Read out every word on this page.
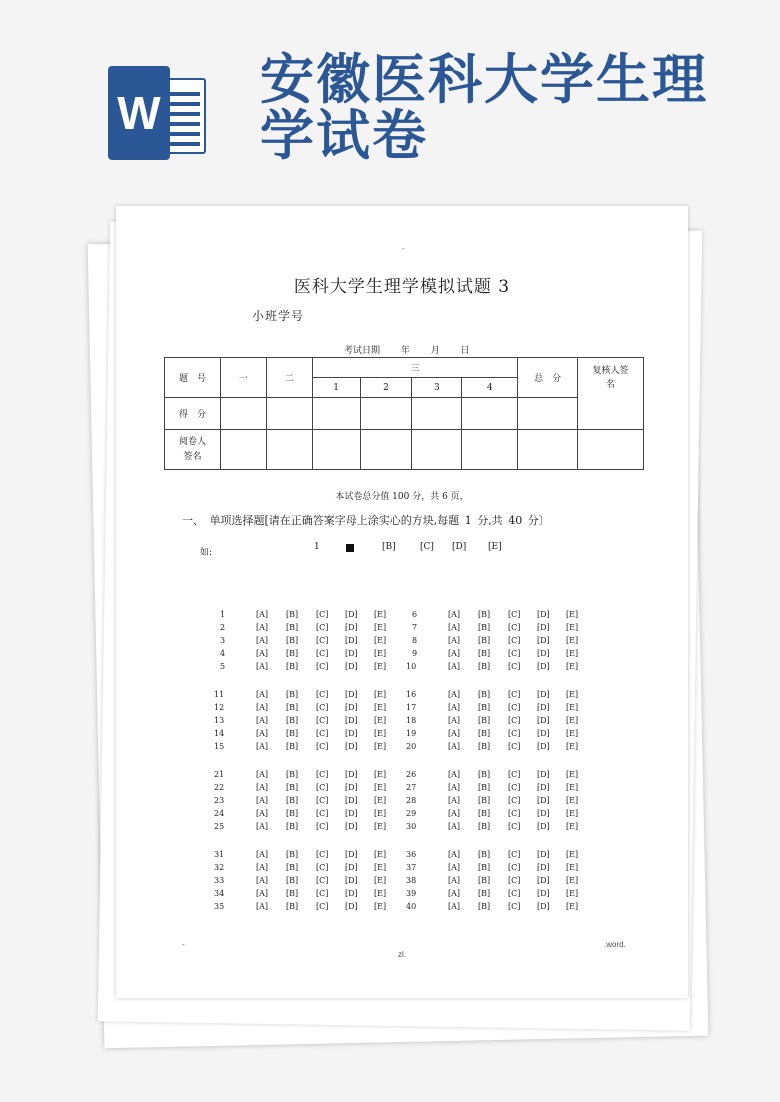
W
安徽医科大学生理学试卷
-
医科大学生理学模拟试题 3
小班学号
考试日期 年 月 日
题　号	一	二	三				总　分	复核人签名
			1	2	3	4		
得　分								
阅卷人签名								
本试卷总分值 100 分，共 6 页，
一、 单项选择题[请在正确答案字母上涂实心的方块,每题 1 分,共 40 分〕
如:
1	[B]	[C] [D] [E]
1	[A] [B] [C] [D] [E]
2	[A] [B] [C] [D] [E]
3	[A] [B] [C] [D] [E]
4	[A] [B] [C] [D] [E]
5	[A] [B] [C] [D] [E]
6	[A] [B] [C] [D] [E]
7	[A] [B] [C] [D] [E]
8	[A] [B] [C] [D] [E]
9	[A] [B] [C] [D] [E]
10	[A] [B] [C] [D] [E]
11	[A] [B] [C] [D] [E]
12	[A] [B] [C] [D] [E]
13	[A] [B] [C] [D] [E]
14	[A] [B] [C] [D] [E]
15	[A] [B] [C] [D] [E]
16	[A] [B] [C] [D] [E]
17	[A] [B] [C] [D] [E]
18	[A] [B] [C] [D] [E]
19	[A] [B] [C] [D] [E]
20	[A] [B] [C] [D] [E]
21	[A] [B] [C] [D] [E]
22	[A] [B] [C] [D] [E]
23	[A] [B] [C] [D] [E]
24	[A] [B] [C] [D] [E]
25	[A] [B] [C] [D] [E]
26	[A] [B] [C] [D] [E]
27	[A] [B] [C] [D] [E]
28	[A] [B] [C] [D] [E]
29	[A] [B] [C] [D] [E]
30	[A] [B] [C] [D] [E]
31	[A] [B] [C] [D] [E]
32	[A] [B] [C] [D] [E]
33	[A] [B] [C] [D] [E]
34	[A] [B] [C] [D] [E]
35	[A] [B] [C] [D] [E]
36	[A] [B] [C] [D] [E]
37	[A] [B] [C] [D] [E]
38	[A] [B] [C] [D] [E]
39	[A] [B] [C] [D] [E]
40	[A] [B] [C] [D] [E]
-
zl.
.word.
